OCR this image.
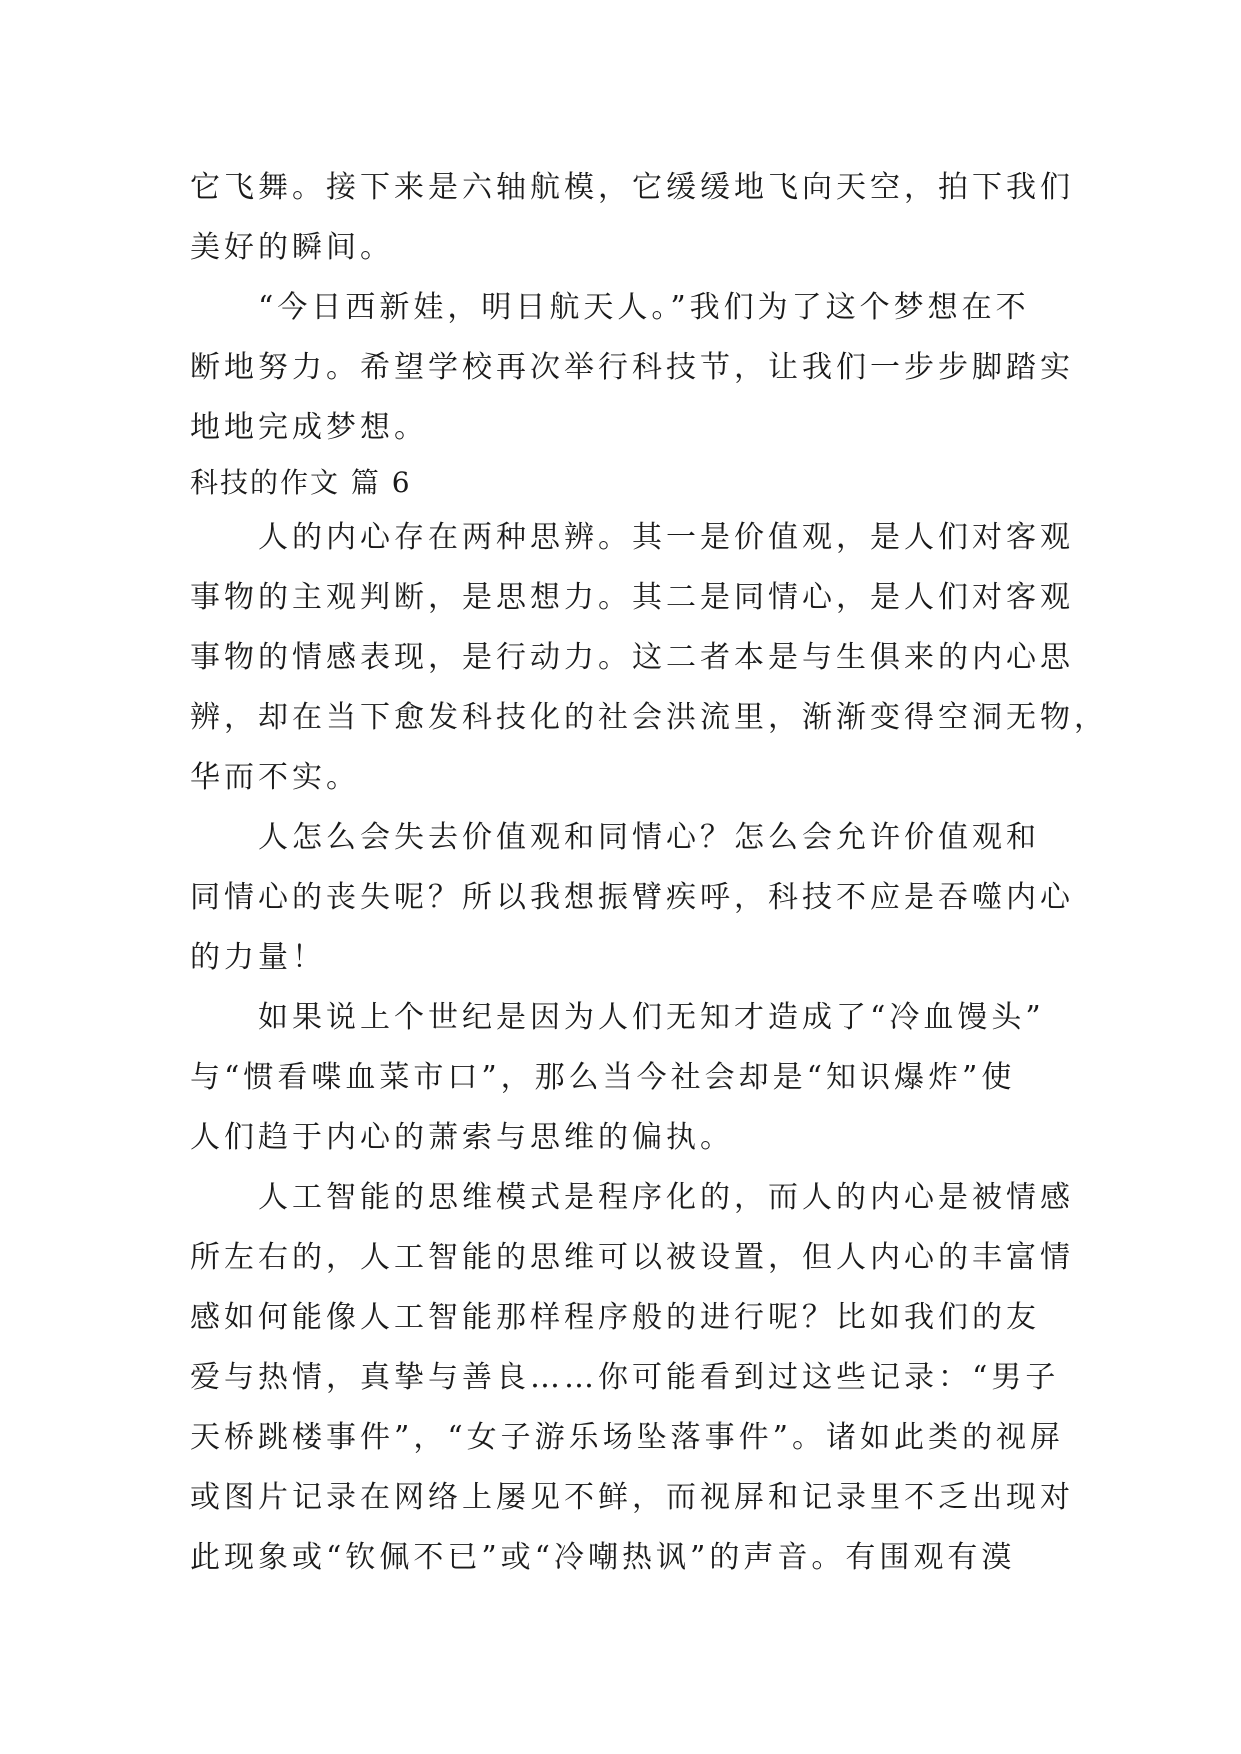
它飞舞。接下来是六轴航模，它缓缓地飞向天空，拍下我们
美好的瞬间。
“今日西新娃，明日航天人。”我们为了这个梦想在不
断地努力。希望学校再次举行科技节，让我们一步步脚踏实
地地完成梦想。
科技的作文 篇 6
人的内心存在两种思辨。其一是价值观，是人们对客观
事物的主观判断，是思想力。其二是同情心，是人们对客观
事物的情感表现，是行动力。这二者本是与生俱来的内心思
辨，却在当下愈发科技化的社会洪流里，渐渐变得空洞无物，
华而不实。
人怎么会失去价值观和同情心？怎么会允许价值观和
同情心的丧失呢？所以我想振臂疾呼，科技不应是吞噬内心
的力量！
如果说上个世纪是因为人们无知才造成了“冷血馒头”
与“惯看喋血菜市口”，那么当今社会却是“知识爆炸”使
人们趋于内心的萧索与思维的偏执。
人工智能的思维模式是程序化的，而人的内心是被情感
所左右的，人工智能的思维可以被设置，但人内心的丰富情
感如何能像人工智能那样程序般的进行呢？比如我们的友
爱与热情，真挚与善良……你可能看到过这些记录：“男子
天桥跳楼事件”，“女子游乐场坠落事件”。诸如此类的视屏
或图片记录在网络上屡见不鲜，而视屏和记录里不乏出现对
此现象或“钦佩不已”或“冷嘲热讽”的声音。有围观有漠
